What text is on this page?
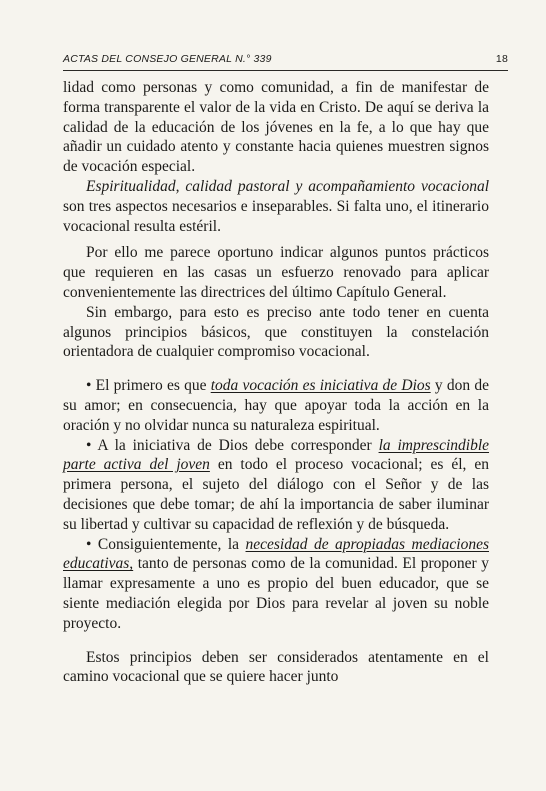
ACTAS DEL CONSEJO GENERAL N.° 339	18

lidad como personas y como comunidad, a fin de manifestar de forma transparente el valor de la vida en Cristo. De aquí se deriva la calidad de la educación de los jóvenes en la fe, a lo que hay que añadir un cuidado atento y constante hacia quienes muestren signos de vocación especial.

Espiritualidad, calidad pastoral y acompañamiento vocacional son tres aspectos necesarios e inseparables. Si falta uno, el itinerario vocacional resulta estéril.

Por ello me parece oportuno indicar algunos puntos prácticos que requieren en las casas un esfuerzo renovado para aplicar convenientemente las directrices del último Capítulo General.

Sin embargo, para esto es preciso ante todo tener en cuenta algunos principios básicos, que constituyen la constelación orientadora de cualquier compromiso vocacional.

• El primero es que toda vocación es iniciativa de Dios y don de su amor; en consecuencia, hay que apoyar toda la acción en la oración y no olvidar nunca su naturaleza espiritual.

• A la iniciativa de Dios debe corresponder la imprescindible parte activa del joven en todo el proceso vocacional; es él, en primera persona, el sujeto del diálogo con el Señor y de las decisiones que debe tomar; de ahí la importancia de saber iluminar su libertad y cultivar su capacidad de reflexión y de búsqueda.

• Consiguientemente, la necesidad de apropiadas mediaciones educativas, tanto de personas como de la comunidad. El proponer y llamar expresamente a uno es propio del buen educador, que se siente mediación elegida por Dios para revelar al joven su noble proyecto.

Estos principios deben ser considerados atentamente en el camino vocacional que se quiere hacer junto
